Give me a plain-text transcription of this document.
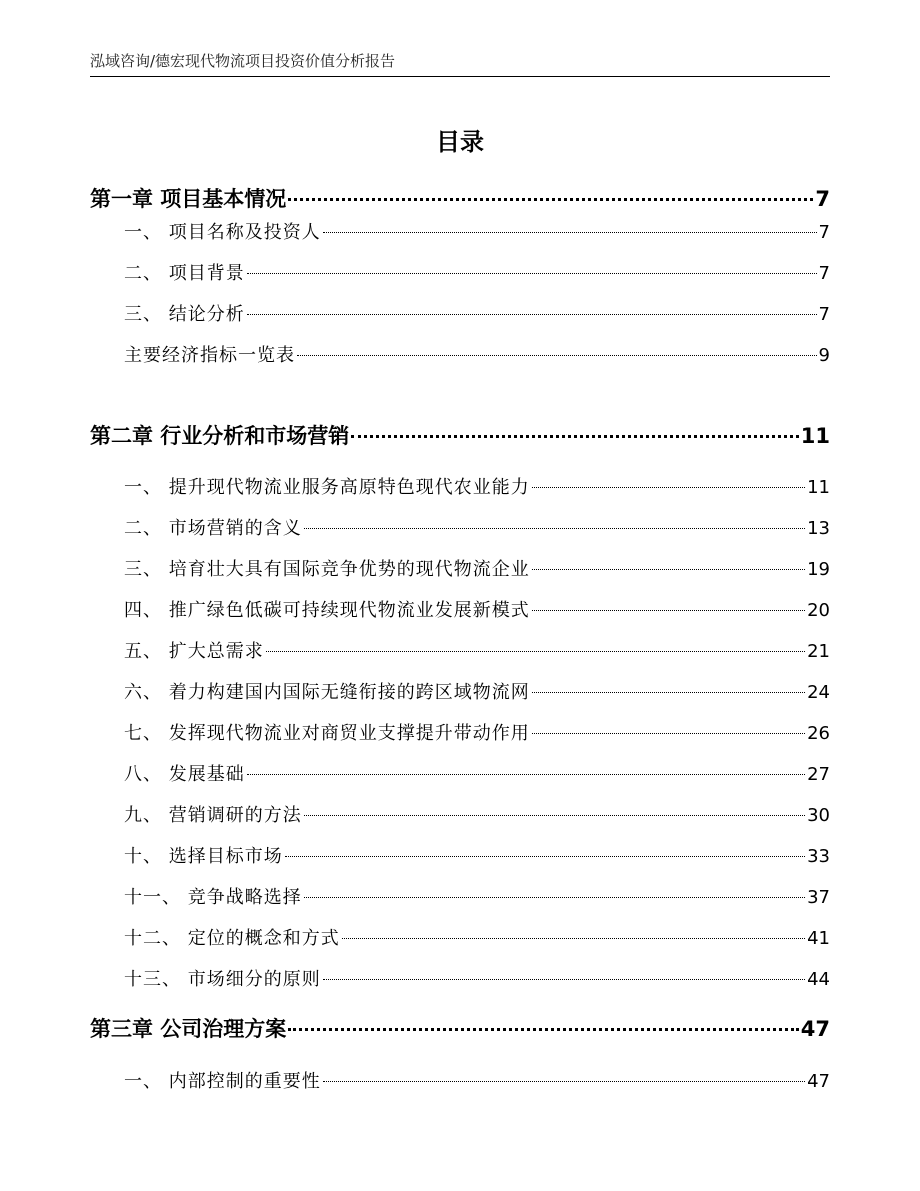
泓域咨询/德宏现代物流项目投资价值分析报告
目录
第一章 项目基本情况	7
一、 项目名称及投资人	7
二、 项目背景	7
三、 结论分析	7
主要经济指标一览表	9
第二章 行业分析和市场营销	11
一、 提升现代物流业服务高原特色现代农业能力	11
二、 市场营销的含义	13
三、 培育壮大具有国际竞争优势的现代物流企业	19
四、 推广绿色低碳可持续现代物流业发展新模式	20
五、 扩大总需求	21
六、 着力构建国内国际无缝衔接的跨区域物流网	24
七、 发挥现代物流业对商贸业支撑提升带动作用	26
八、 发展基础	27
九、 营销调研的方法	30
十、 选择目标市场	33
十一、 竞争战略选择	37
十二、 定位的概念和方式	41
十三、 市场细分的原则	44
第三章 公司治理方案	47
一、 内部控制的重要性	47
